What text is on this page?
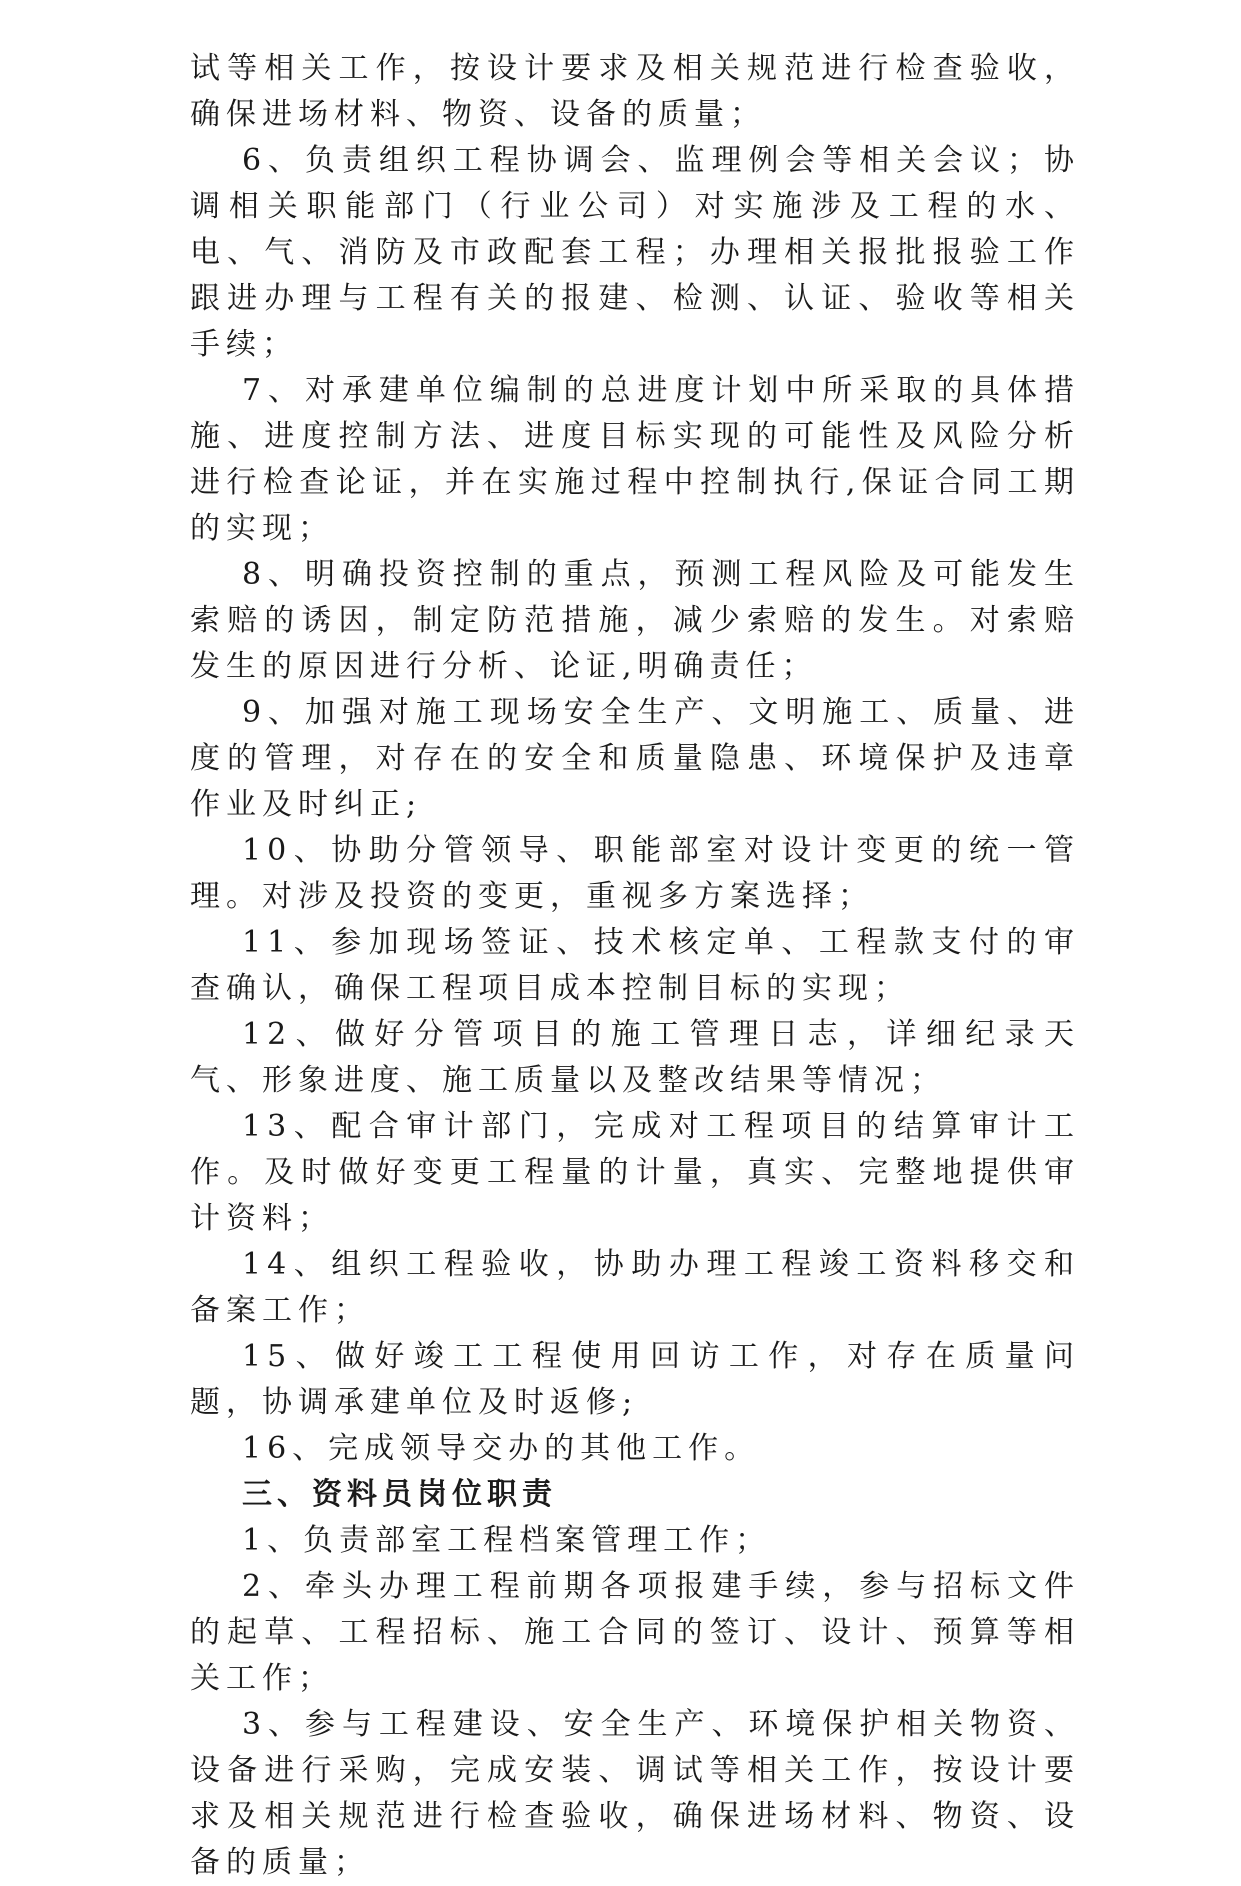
试等相关工作，按设计要求及相关规范进行检查验收，确保进场材料、物资、设备的质量；

6、负责组织工程协调会、监理例会等相关会议；协调相关职能部门（行业公司）对实施涉及工程的水、电、气、消防及市政配套工程；办理相关报批报验工作跟进办理与工程有关的报建、检测、认证、验收等相关手续；

7、对承建单位编制的总进度计划中所采取的具体措施、进度控制方法、进度目标实现的可能性及风险分析进行检查论证，并在实施过程中控制执行,保证合同工期的实现；

8、明确投资控制的重点，预测工程风险及可能发生索赔的诱因，制定防范措施，减少索赔的发生。对索赔发生的原因进行分析、论证,明确责任；

9、加强对施工现场安全生产、文明施工、质量、进度的管理，对存在的安全和质量隐患、环境保护及违章作业及时纠正;

10、协助分管领导、职能部室对设计变更的统一管理。对涉及投资的变更，重视多方案选择；

11、参加现场签证、技术核定单、工程款支付的审查确认，确保工程项目成本控制目标的实现；

12、做好分管项目的施工管理日志，详细纪录天气、形象进度、施工质量以及整改结果等情况；

13、配合审计部门，完成对工程项目的结算审计工作。及时做好变更工程量的计量，真实、完整地提供审计资料；

14、组织工程验收，协助办理工程竣工资料移交和备案工作；

15、做好竣工工程使用回访工作，对存在质量问题，协调承建单位及时返修;

16、完成领导交办的其他工作。

三、资料员岗位职责

1、负责部室工程档案管理工作；

2、牵头办理工程前期各项报建手续，参与招标文件的起草、工程招标、施工合同的签订、设计、预算等相关工作；

3、参与工程建设、安全生产、环境保护相关物资、设备进行采购，完成安装、调试等相关工作，按设计要求及相关规范进行检查验收，确保进场材料、物资、设备的质量；
